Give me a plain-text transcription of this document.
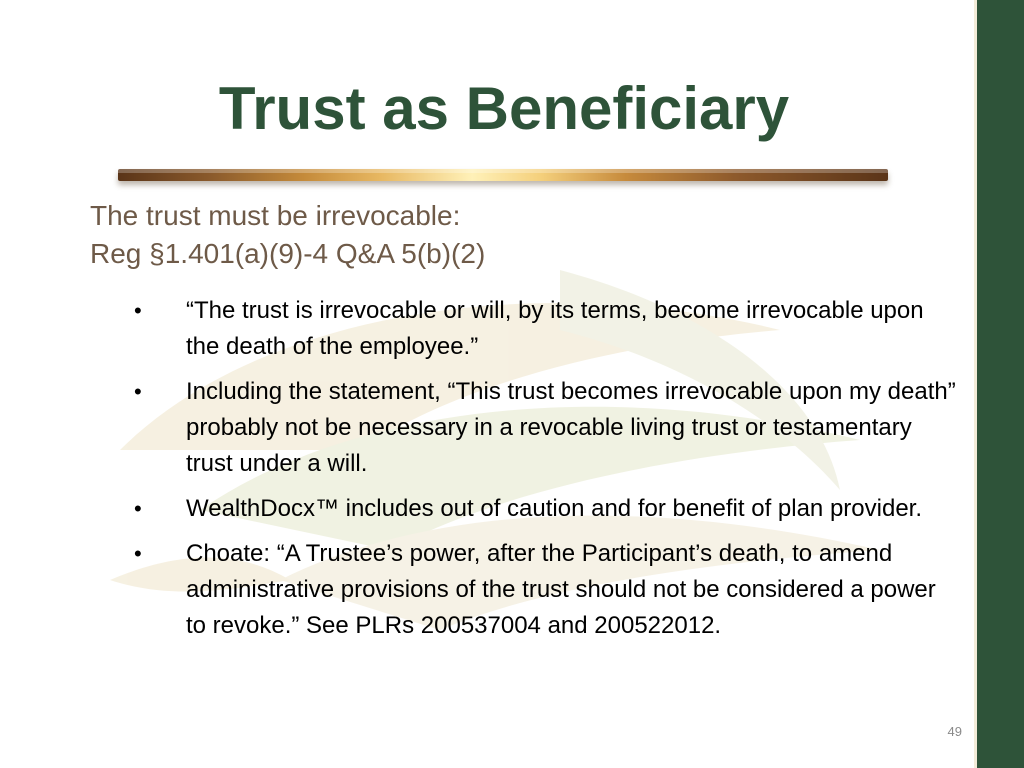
Trust as Beneficiary
The trust must be irrevocable:
Reg §1.401(a)(9)-4 Q&A 5(b)(2)
• “The trust is irrevocable or will, by its terms, become irrevocable upon the death of the employee.”
• Including the statement, “This trust becomes irrevocable upon my death” probably not be necessary in a revocable living trust or testamentary trust under a will.
• WealthDocx™ includes out of caution and for benefit of plan provider.
• Choate: “A Trustee’s power, after the Participant’s death, to amend administrative provisions of the trust should not be considered a power to revoke.” See PLRs 200537004 and 200522012.
49
